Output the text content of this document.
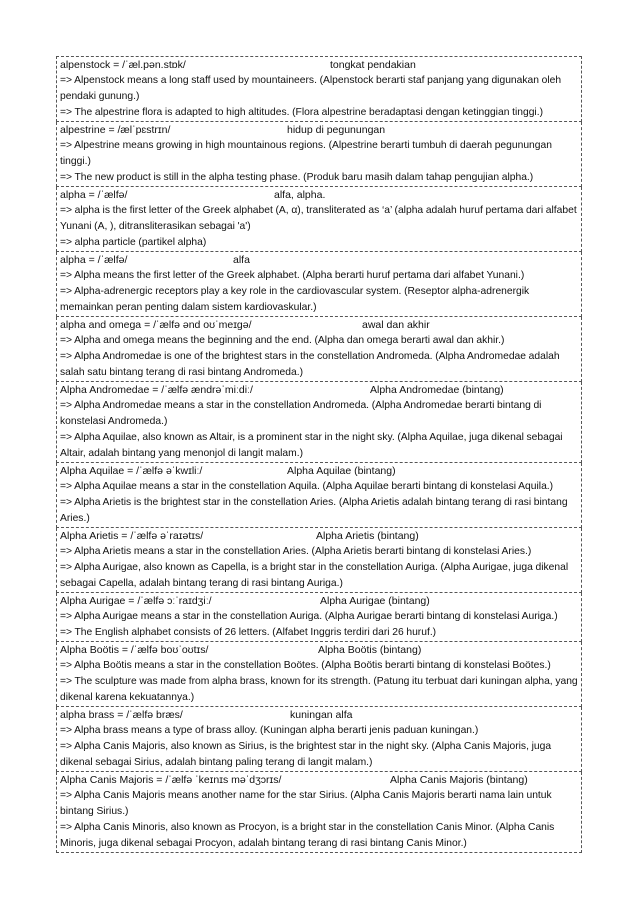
alpenstock = /ˈæl.pən.stɒk/	tongkat pendakian
=> Alpenstock means a long staff used by mountaineers. (Alpenstock berarti staf panjang yang digunakan oleh pendaki gunung.)
=> The alpestrine flora is adapted to high altitudes. (Flora alpestrine beradaptasi dengan ketinggian tinggi.)
alpestrine = /ælˈpɛstrɪn/	hidup di pegunungan
=> Alpestrine means growing in high mountainous regions. (Alpestrine berarti tumbuh di daerah pegunungan tinggi.)
=> The new product is still in the alpha testing phase. (Produk baru masih dalam tahap pengujian alpha.)
alpha = /ˈælfə/	alfa, alpha.
=> alpha is the first letter of the Greek alphabet (A, α), transliterated as ‘a’ (alpha adalah huruf pertama dari alfabet Yunani (A, ), ditransliterasikan sebagai 'a')
=> alpha particle (partikel alpha)
alpha = /ˈælfə/	alfa
=> Alpha means the first letter of the Greek alphabet. (Alpha berarti huruf pertama dari alfabet Yunani.)
=> Alpha-adrenergic receptors play a key role in the cardiovascular system. (Reseptor alpha-adrenergik memainkan peran penting dalam sistem kardiovaskular.)
alpha and omega = /ˈælfə ənd oʊˈmeɪgə/	awal dan akhir
=> Alpha and omega means the beginning and the end. (Alpha dan omega berarti awal dan akhir.)
=> Alpha Andromedae is one of the brightest stars in the constellation Andromeda. (Alpha Andromedae adalah salah satu bintang terang di rasi bintang Andromeda.)
Alpha Andromedae = /ˈælfə ændrəˈmiːdiː/	Alpha Andromedae (bintang)
=> Alpha Andromedae means a star in the constellation Andromeda. (Alpha Andromedae berarti bintang di konstelasi Andromeda.)
=> Alpha Aquilae, also known as Altair, is a prominent star in the night sky. (Alpha Aquilae, juga dikenal sebagai Altair, adalah bintang yang menonjol di langit malam.)
Alpha Aquilae = /ˈælfə əˈkwɪliː/	Alpha Aquilae (bintang)
=> Alpha Aquilae means a star in the constellation Aquila. (Alpha Aquilae berarti bintang di konstelasi Aquila.)
=> Alpha Arietis is the brightest star in the constellation Aries. (Alpha Arietis adalah bintang terang di rasi bintang Aries.)
Alpha Arietis = /ˈælfə əˈraɪətɪs/	Alpha Arietis (bintang)
=> Alpha Arietis means a star in the constellation Aries. (Alpha Arietis berarti bintang di konstelasi Aries.)
=> Alpha Aurigae, also known as Capella, is a bright star in the constellation Auriga. (Alpha Aurigae, juga dikenal sebagai Capella, adalah bintang terang di rasi bintang Auriga.)
Alpha Aurigae = /ˈælfə ɔːˈraɪdʒiː/	Alpha Aurigae (bintang)
=> Alpha Aurigae means a star in the constellation Auriga. (Alpha Aurigae berarti bintang di konstelasi Auriga.)
=> The English alphabet consists of 26 letters. (Alfabet Inggris terdiri dari 26 huruf.)
Alpha Boötis = /ˈælfə boʊˈoʊtɪs/	Alpha Boötis (bintang)
=> Alpha Boötis means a star in the constellation Boötes. (Alpha Boötis berarti bintang di konstelasi Boötes.)
=> The sculpture was made from alpha brass, known for its strength. (Patung itu terbuat dari kuningan alpha, yang dikenal karena kekuatannya.)
alpha brass = /ˈælfə bræs/	kuningan alfa
=> Alpha brass means a type of brass alloy. (Kuningan alpha berarti jenis paduan kuningan.)
=> Alpha Canis Majoris, also known as Sirius, is the brightest star in the night sky. (Alpha Canis Majoris, juga dikenal sebagai Sirius, adalah bintang paling terang di langit malam.)
Alpha Canis Majoris = /ˈælfə ˈkeɪnɪs məˈdʒɔrɪs/	Alpha Canis Majoris (bintang)
=> Alpha Canis Majoris means another name for the star Sirius. (Alpha Canis Majoris berarti nama lain untuk bintang Sirius.)
=> Alpha Canis Minoris, also known as Procyon, is a bright star in the constellation Canis Minor. (Alpha Canis Minoris, juga dikenal sebagai Procyon, adalah bintang terang di rasi bintang Canis Minor.)
